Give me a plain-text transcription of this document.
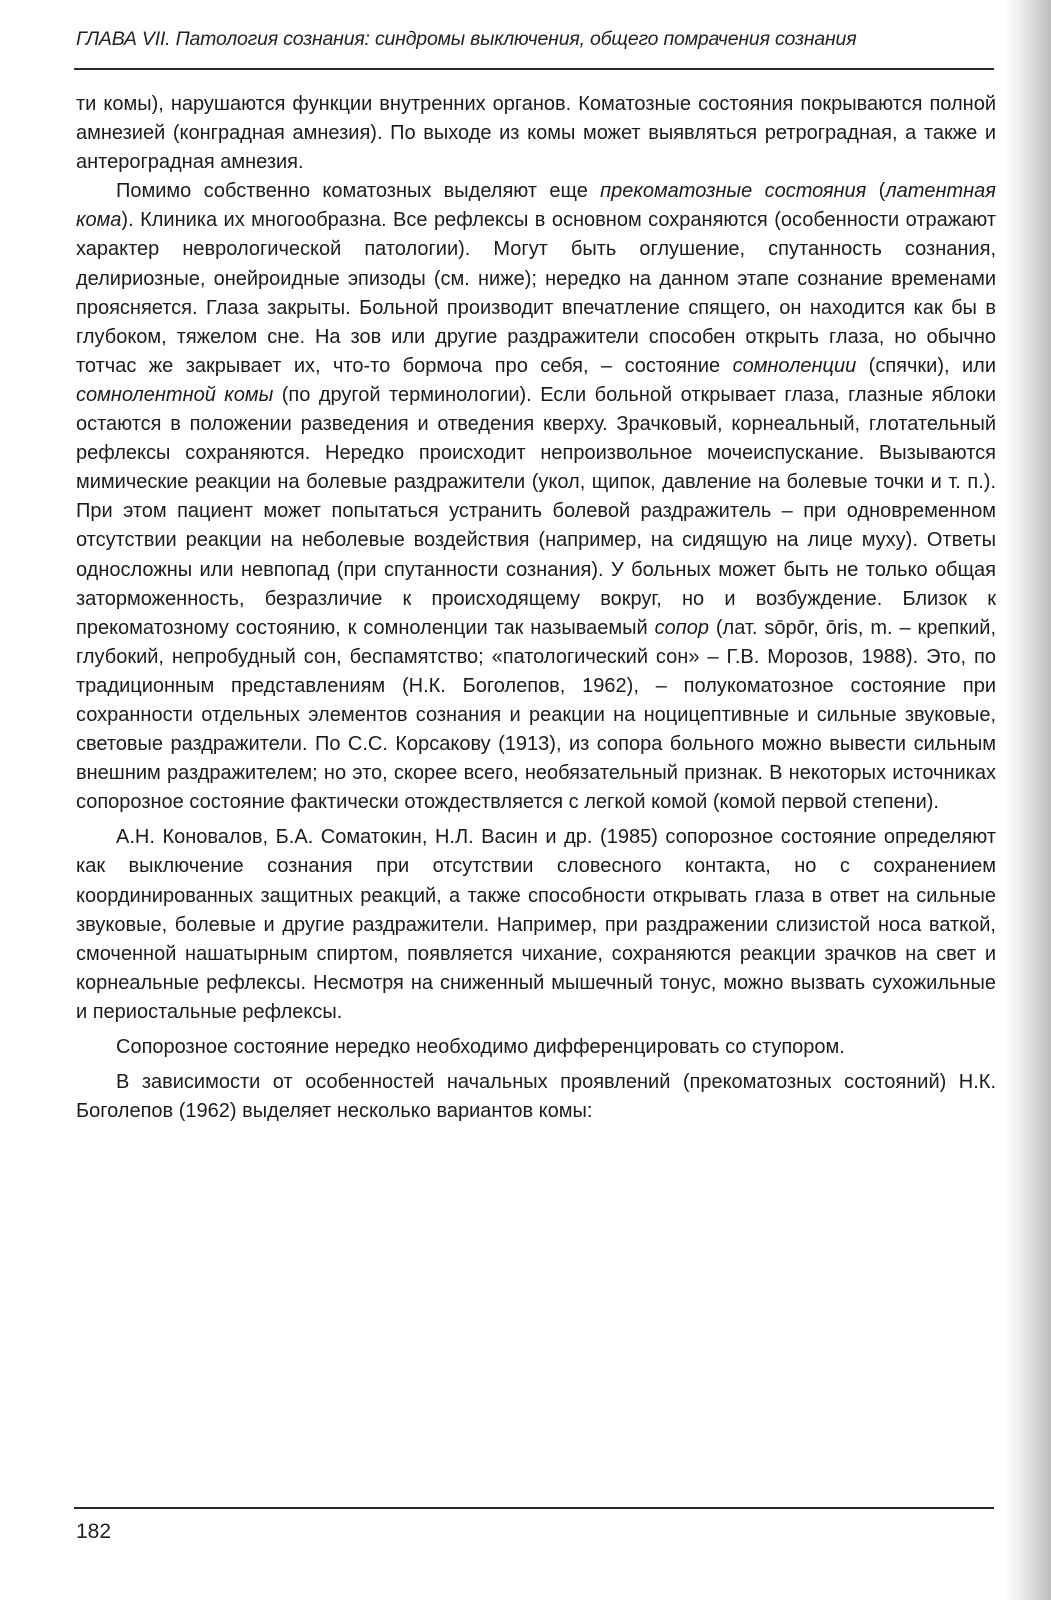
ГЛАВА VII. Патология сознания: синдромы выключения, общего помрачения сознания

ти комы), нарушаются функции внутренних органов. Коматозные состояния покрываются полной амнезией (конградная амнезия). По выходе из комы может выявляться ретроградная, а также и антероградная амнезия.

Помимо собственно коматозных выделяют еще прекоматозные состояния (латентная кома). Клиника их многообразна. Все рефлексы в основном сохраняются (особенности отражают характер неврологической патологии). Могут быть оглушение, спутанность сознания, делириозные, онейроидные эпизоды (см. ниже); нередко на данном этапе сознание временами проясняется. Глаза закрыты. Больной производит впечатление спящего, он находится как бы в глубоком, тяжелом сне. На зов или другие раздражители способен открыть глаза, но обычно тотчас же закрывает их, что-то бормоча про себя, – состояние сомноленции (спячки), или сомнолентной комы (по другой терминологии). Если больной открывает глаза, глазные яблоки остаются в положении разведения и отведения кверху. Зрачковый, корнеальный, глотательный рефлексы сохраняются. Нередко происходит непроизвольное мочеиспускание. Вызываются мимические реакции на болевые раздражители (укол, щипок, давление на болевые точки и т. п.). При этом пациент может попытаться устранить болевой раздражитель – при одновременном отсутствии реакции на неболевые воздействия (например, на сидящую на лице муху). Ответы односложны или невпопад (при спутанности сознания). У больных может быть не только общая заторможенность, безразличие к происходящему вокруг, но и возбуждение. Близок к прекоматозному состоянию, к сомноленции так называемый сопор (лат. sōpōr, ōris, m. – крепкий, глубокий, непробудный сон, беспамятство; «патологический сон» – Г.В. Морозов, 1988). Это, по традиционным представлениям (Н.К. Боголепов, 1962), – полукоматозное состояние при сохранности отдельных элементов сознания и реакции на ноцицептивные и сильные звуковые, световые раздражители. По С.С. Корсакову (1913), из сопора больного можно вывести сильным внешним раздражителем; но это, скорее всего, необязательный признак. В некоторых источниках сопорозное состояние фактически отождествляется с легкой комой (комой первой степени).

А.Н. Коновалов, Б.А. Соматокин, Н.Л. Васин и др. (1985) сопорозное состояние определяют как выключение сознания при отсутствии словесного контакта, но с сохранением координированных защитных реакций, а также способности открывать глаза в ответ на сильные звуковые, болевые и другие раздражители. Например, при раздражении слизистой носа ваткой, смоченной нашатырным спиртом, появляется чихание, сохраняются реакции зрачков на свет и корнеальные рефлексы. Несмотря на сниженный мышечный тонус, можно вызвать сухожильные и периостальные рефлексы.

Сопорозное состояние нередко необходимо дифференцировать со ступором.

В зависимости от особенностей начальных проявлений (прекоматозных состояний) Н.К. Боголепов (1962) выделяет несколько вариантов комы:

182
